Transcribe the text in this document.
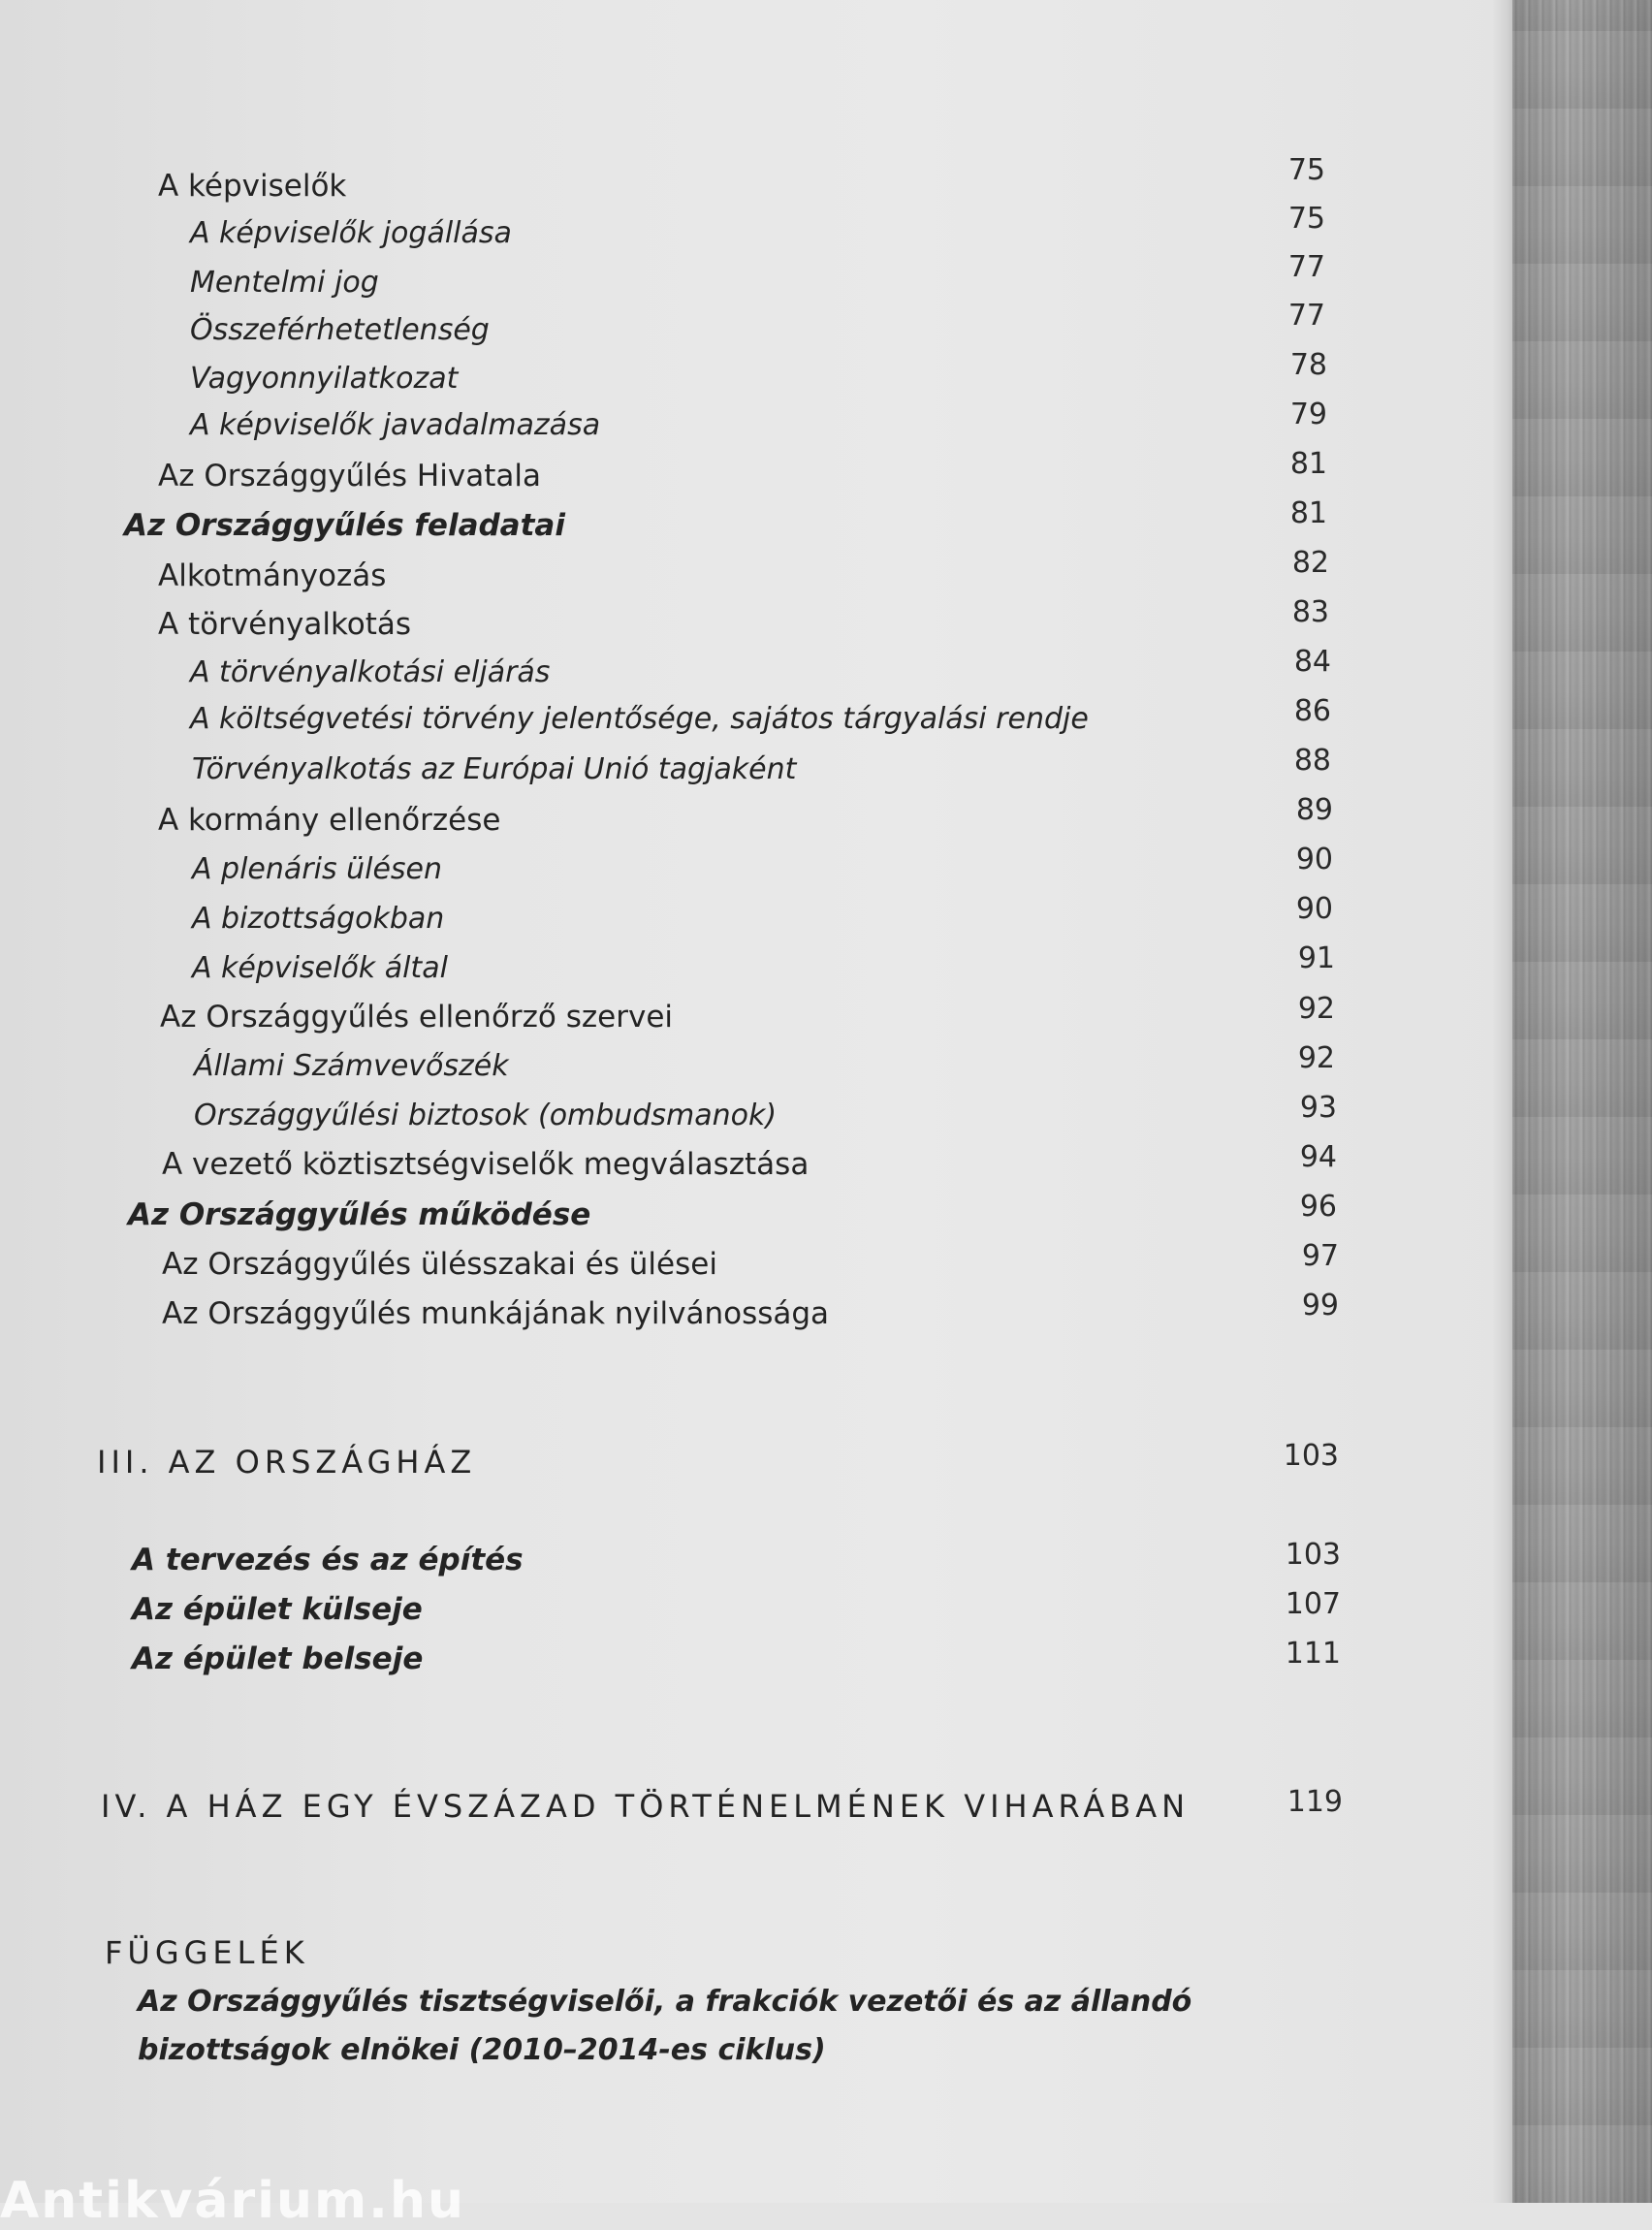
A képviselők	75
A képviselők jogállása	75
Mentelmi jog	77
Összeférhetetlenség	77
Vagyonnyilatkozat	78
A képviselők javadalmazása	79
Az Országgyűlés Hivatala	81
Az Országgyűlés feladatai	81
Alkotmányozás	82
A törvényalkotás	83
A törvényalkotási eljárás	84
A költségvetési törvény jelentősége, sajátos tárgyalási rendje	86
Törvényalkotás az Európai Unió tagjaként	88
A kormány ellenőrzése	89
A plenáris ülésen	90
A bizottságokban	90
A képviselők által	91
Az Országgyűlés ellenőrző szervei	92
Állami Számvevőszék	92
Országgyűlési biztosok (ombudsmanok)	93
A vezető köztisztségviselők megválasztása	94
Az Országgyűlés működése	96
Az Országgyűlés ülésszakai és ülései	97
Az Országgyűlés munkájának nyilvánossága	99
III. AZ ORSZÁGHÁZ	103
A tervezés és az építés	103
Az épület külseje	107
Az épület belseje	111
IV. A HÁZ EGY ÉVSZÁZAD TÖRTÉNELMÉNEK VIHARÁBAN	119
FÜGGELÉK
Az Országgyűlés tisztségviselői, a frakciók vezetői és az állandó bizottságok elnökei (2010–2014-es ciklus)
Antikvárium.hu
